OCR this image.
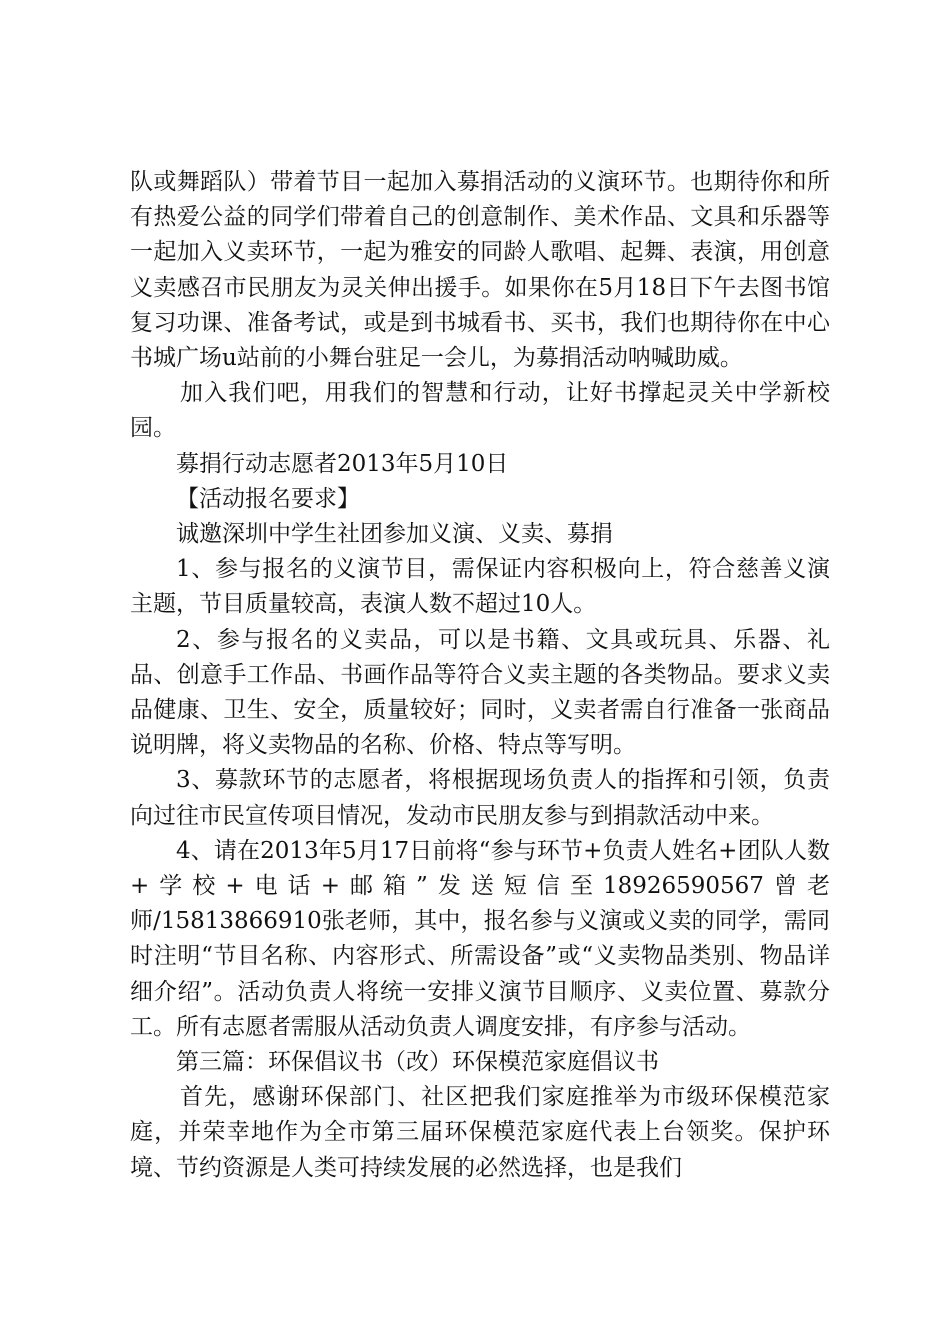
队或舞蹈队）带着节目一起加入募捐活动的义演环节。也期待你和所有热爱公益的同学们带着自己的创意制作、美术作品、文具和乐器等一起加入义卖环节，一起为雅安的同龄人歌唱、起舞、表演，用创意义卖感召市民朋友为灵关伸出援手。如果你在5月18日下午去图书馆复习功课、准备考试，或是到书城看书、买书，我们也期待你在中心书城广场u站前的小舞台驻足一会儿，为募捐活动呐喊助威。

加入我们吧，用我们的智慧和行动，让好书撑起灵关中学新校园。

募捐行动志愿者2013年5月10日

【活动报名要求】

诚邀深圳中学生社团参加义演、义卖、募捐

1、参与报名的义演节目，需保证内容积极向上，符合慈善义演主题，节目质量较高，表演人数不超过10人。

2、参与报名的义卖品，可以是书籍、文具或玩具、乐器、礼品、创意手工作品、书画作品等符合义卖主题的各类物品。要求义卖品健康、卫生、安全，质量较好；同时，义卖者需自行准备一张商品说明牌，将义卖物品的名称、价格、特点等写明。

3、募款环节的志愿者，将根据现场负责人的指挥和引领，负责向过往市民宣传项目情况，发动市民朋友参与到捐款活动中来。

4、请在2013年5月17日前将“参与环节+负责人姓名+团队人数+学校+电话+邮箱”发送短信至18926590567曾老师/15813866910张老师，其中，报名参与义演或义卖的同学，需同时注明“节目名称、内容形式、所需设备”或“义卖物品类别、物品详细介绍”。活动负责人将统一安排义演节目顺序、义卖位置、募款分工。所有志愿者需服从活动负责人调度安排，有序参与活动。

第三篇：环保倡议书（改）环保模范家庭倡议书

首先，感谢环保部门、社区把我们家庭推举为市级环保模范家庭，并荣幸地作为全市第三届环保模范家庭代表上台领奖。保护环境、节约资源是人类可持续发展的必然选择，也是我们
